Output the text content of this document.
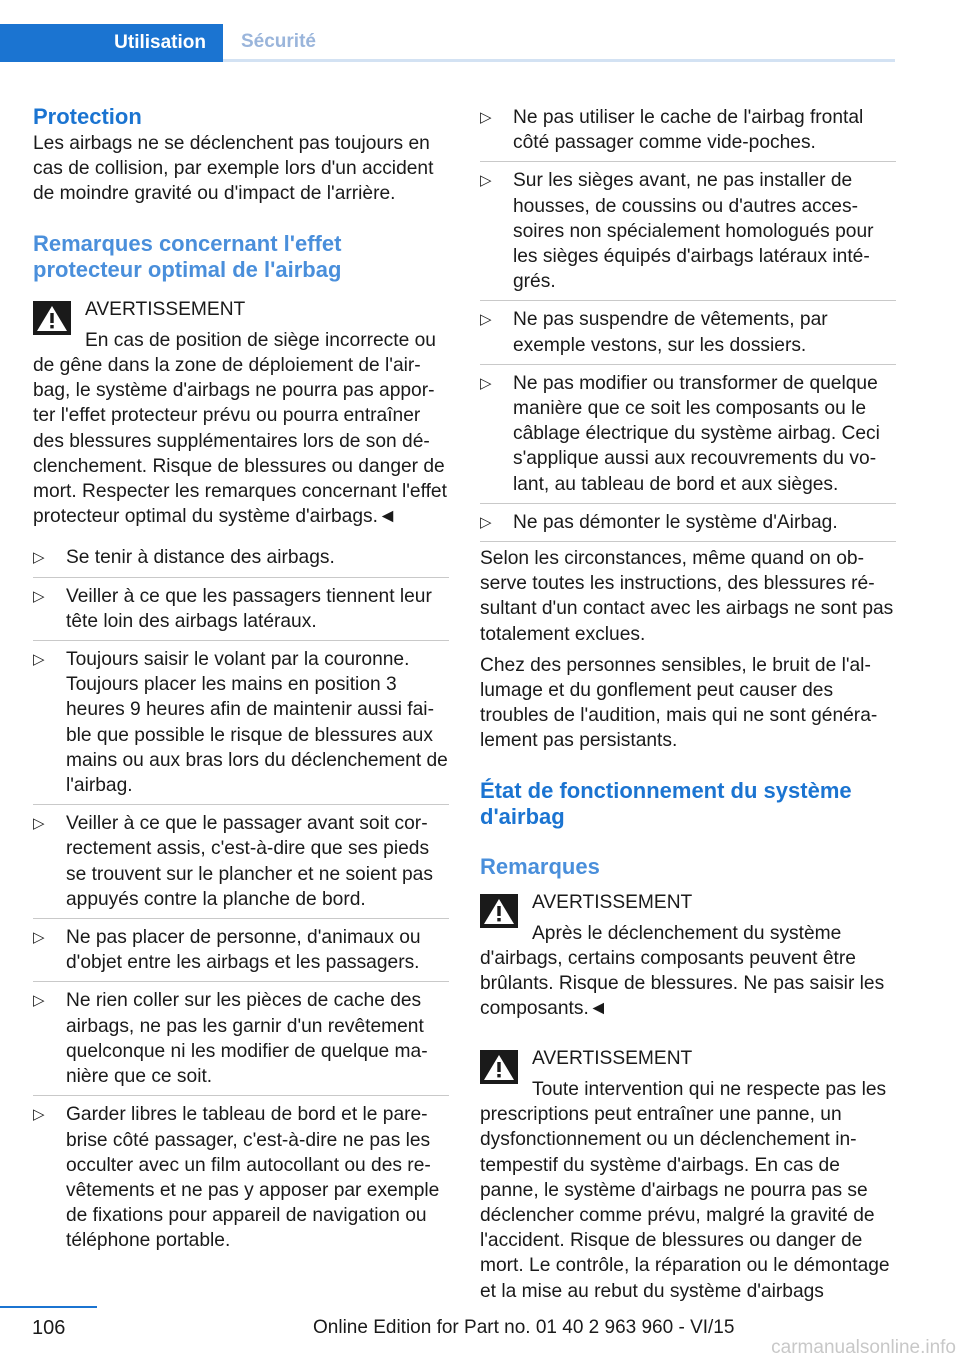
Utilisation	Sécurité
Protection

Les airbags ne se déclenchent pas toujours en cas de collision, par exemple lors d'un accident de moindre gravité ou d'impact de l'arrière.

Remarques concernant l'effet protecteur optimal de l'airbag
AVERTISSEMENT
En cas de position de siège incorrecte ou de gêne dans la zone de déploiement de l'airbag, le système d'airbags ne pourra pas apporter l'effet protecteur prévu ou pourra entraîner des blessures supplémentaires lors de son déclenchement. Risque de blessures ou danger de mort. Respecter les remarques concernant l'effet protecteur optimal du système d'airbags.◄
▷ Se tenir à distance des airbags.
▷ Veiller à ce que les passagers tiennent leur tête loin des airbags latéraux.
▷ Toujours saisir le volant par la couronne. Toujours placer les mains en position 3 heures 9 heures afin de maintenir aussi faible que possible le risque de blessures aux mains ou aux bras lors du déclenchement de l'airbag.
▷ Veiller à ce que le passager avant soit correctement assis, c'est-à-dire que ses pieds se trouvent sur le plancher et ne soient pas appuyés contre la planche de bord.
▷ Ne pas placer de personne, d'animaux ou d'objet entre les airbags et les passagers.
▷ Ne rien coller sur les pièces de cache des airbags, ne pas les garnir d'un revêtement quelconque ni les modifier de quelque manière que ce soit.
▷ Garder libres le tableau de bord et le pare-brise côté passager, c'est-à-dire ne pas les occulter avec un film autocollant ou des revêtements et ne pas y apposer par exemple de fixations pour appareil de navigation ou téléphone portable.
▷ Ne pas utiliser le cache de l'airbag frontal côté passager comme vide-poches.
▷ Sur les sièges avant, ne pas installer de housses, de coussins ou d'autres accessoires non spécialement homologués pour les sièges équipés d'airbags latéraux intégrés.
▷ Ne pas suspendre de vêtements, par exemple vestons, sur les dossiers.
▷ Ne pas modifier ou transformer de quelque manière que ce soit les composants ou le câblage électrique du système airbag. Ceci s'applique aussi aux recouvrements du volant, au tableau de bord et aux sièges.
▷ Ne pas démonter le système d'Airbag.

Selon les circonstances, même quand on observe toutes les instructions, des blessures résultant d'un contact avec les airbags ne sont pas totalement exclues.

Chez des personnes sensibles, le bruit de l'allumage et du gonflement peut causer des troubles de l'audition, mais qui ne sont généralement pas persistants.

État de fonctionnement du système d'airbag
Remarques
AVERTISSEMENT
Après le déclenchement du système d'airbags, certains composants peuvent être brûlants. Risque de blessures. Ne pas saisir les composants.◄
AVERTISSEMENT
Toute intervention qui ne respecte pas les prescriptions peut entraîner une panne, un dysfonctionnement ou un déclenchement intempestif du système d'airbags. En cas de panne, le système d'airbags ne pourra pas se déclencher comme prévu, malgré la gravité de l'accident. Risque de blessures ou danger de mort. Le contrôle, la réparation ou le démontage et la mise au rebut du système d'airbags
106	Online Edition for Part no. 01 40 2 963 960 - VI/15
carmanualsonline.info
